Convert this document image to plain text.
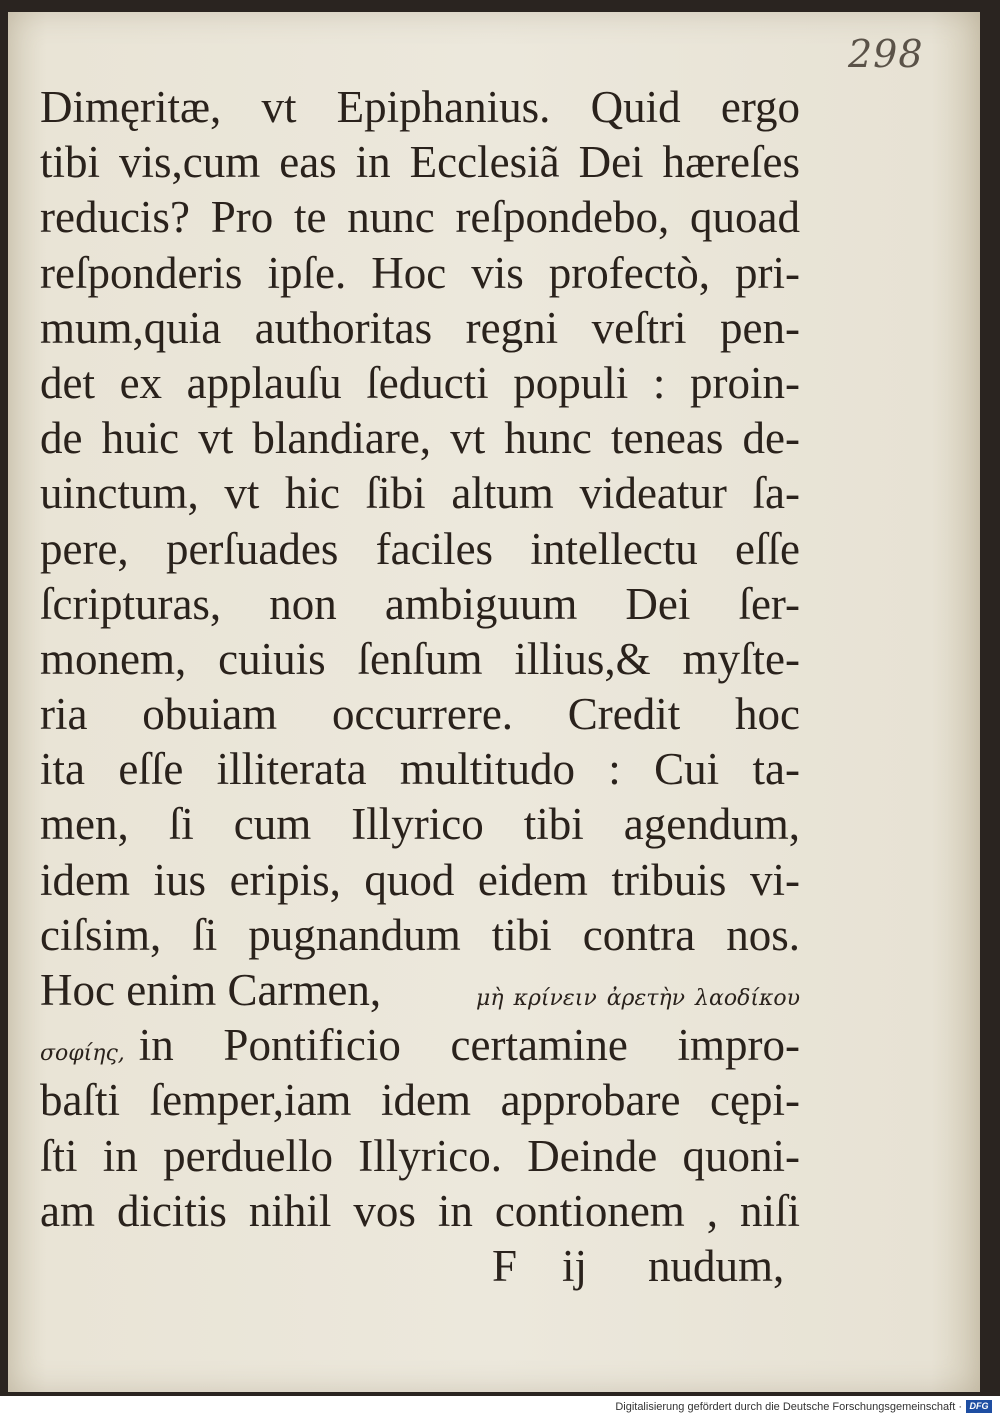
298
Dimęritæ, vt Epiphanius. Quid ergo
tibi vis,cum eas in Ecclesiã Dei hæreſes
reducis? Pro te nunc reſpondebo, quoad
reſponderis ipſe. Hoc vis profectò, pri-
mum,quia authoritas regni veſtri pen-
det ex applauſu ſeducti populi : proin-
de huic vt blandiare, vt hunc teneas de-
uinctum, vt hic ſibi altum videatur ſa-
pere, perſuades faciles intellectu eſſe
ſcripturas, non ambiguum Dei ſer-
monem, cuiuis ſenſum illius,& myſte-
ria obuiam occurrere. Credit hoc
ita eſſe illiterata multitudo : Cui ta-
men, ſi cum Illyrico tibi agendum,
idem ius eripis, quod eidem tribuis vi-
ciſsim, ſi pugnandum tibi contra nos.
Hoc enim Carmen,	μὴ κρίνειν ἀρετὴν λαοδίκου
σοφίης, in Pontificio certamine impro-
baſti ſemper,iam idem approbare cępi-
ſti in perduello Illyrico. Deinde quoni-
am dicitis nihil vos in contionem , niſi
F ij nudum,
Digitalisierung gefördert durch die Deutsche Forschungsgemeinschaft · DFG
